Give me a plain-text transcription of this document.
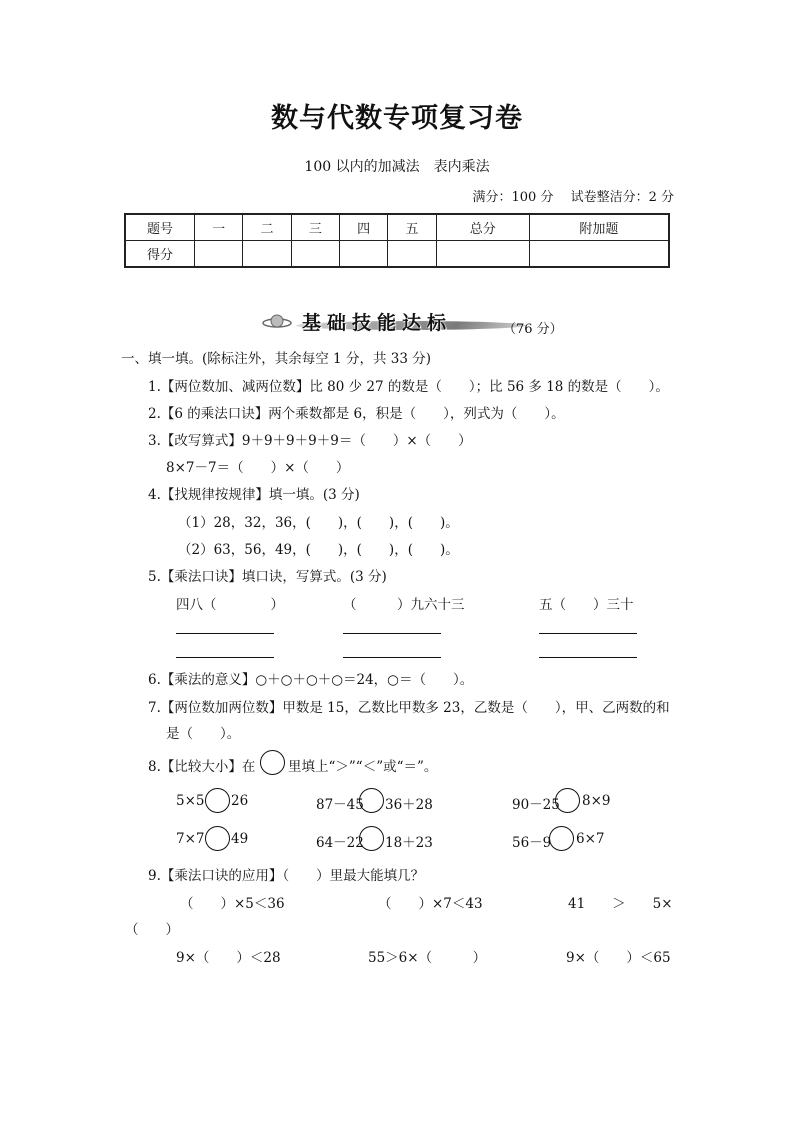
数与代数专项复习卷
100 以内的加减法　表内乘法
满分：100 分　 试卷整洁分：2 分
题号	一	二	三	四	五	总分	附加题
得分							
基础技能达标	（76 分）
一、填一填。(除标注外，其余每空 1 分，共 33 分)
1.【两位数加、减两位数】比 80 少 27 的数是（　　）；比 56 多 18 的数是（　　）。
2.【6 的乘法口诀】两个乘数都是 6，积是（　　），列式为（　　）。
3.【改写算式】9＋9＋9＋9＋9＝（　　）×（　　）
8×7－7＝（　　）×（　　）
4.【找规律按规律】填一填。(3 分)
（1）28，32，36，(　　)，(　　)，(　　)。
（2）63，56，49，(　　)，(　　)，(　　)。
5.【乘法口诀】填口诀，写算式。(3 分)
四八（　　　　）	（　　　）九六十三	五（　　）三十
6.【乘法的意义】○＋○＋○＋○＝24，○＝（　　）。
7.【两位数加两位数】甲数是 15，乙数比甲数多 23，乙数是（　　），甲、乙两数的和
是（　　）。
8.【比较大小】在 里填上“＞”“＜”或“＝”。
5×5 26	87－45 36＋28	90－25 8×9
7×7 49	64－22 18＋23	56－9 6×7
9.【乘法口诀的应用】（　　）里最大能填几？
（　　）×5＜36	（　　）×7＜43	41　　＞　　5×
（　　）
9×（　　）＜28	55＞6×（　　　）	9×（　　）＜65
